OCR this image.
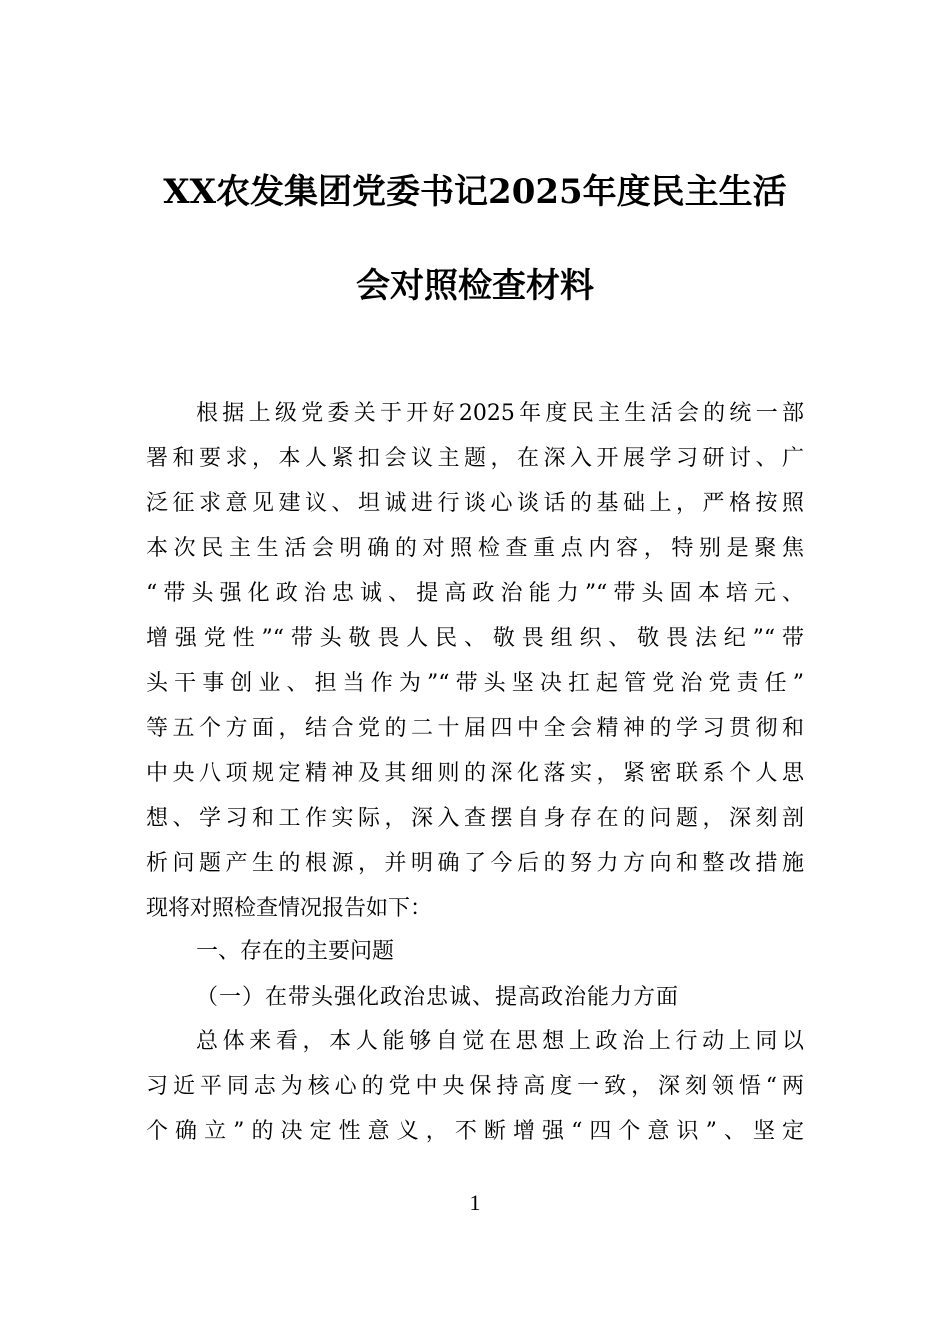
XX农发集团党委书记2025年度民主生活
会对照检查材料
根据上级党委关于开好2025年度民主生活会的统一部
署和要求，本人紧扣会议主题，在深入开展学习研讨、广
泛征求意见建议、坦诚进行谈心谈话的基础上，严格按照
本次民主生活会明确的对照检查重点内容，特别是聚焦
“带头强化政治忠诚、提高政治能力”“带头固本培元、
增强党性”“带头敬畏人民、敬畏组织、敬畏法纪”“带
头干事创业、担当作为”“带头坚决扛起管党治党责任”
等五个方面，结合党的二十届四中全会精神的学习贯彻和
中央八项规定精神及其细则的深化落实，紧密联系个人思
想、学习和工作实际，深入查摆自身存在的问题，深刻剖
析问题产生的根源，并明确了今后的努力方向和整改措施
现将对照检查情况报告如下：
一、存在的主要问题
（一）在带头强化政治忠诚、提高政治能力方面
总体来看，本人能够自觉在思想上政治上行动上同以
习近平同志为核心的党中央保持高度一致，深刻领悟“两
个确立”的决定性意义，不断增强“四个意识”、坚定
1
